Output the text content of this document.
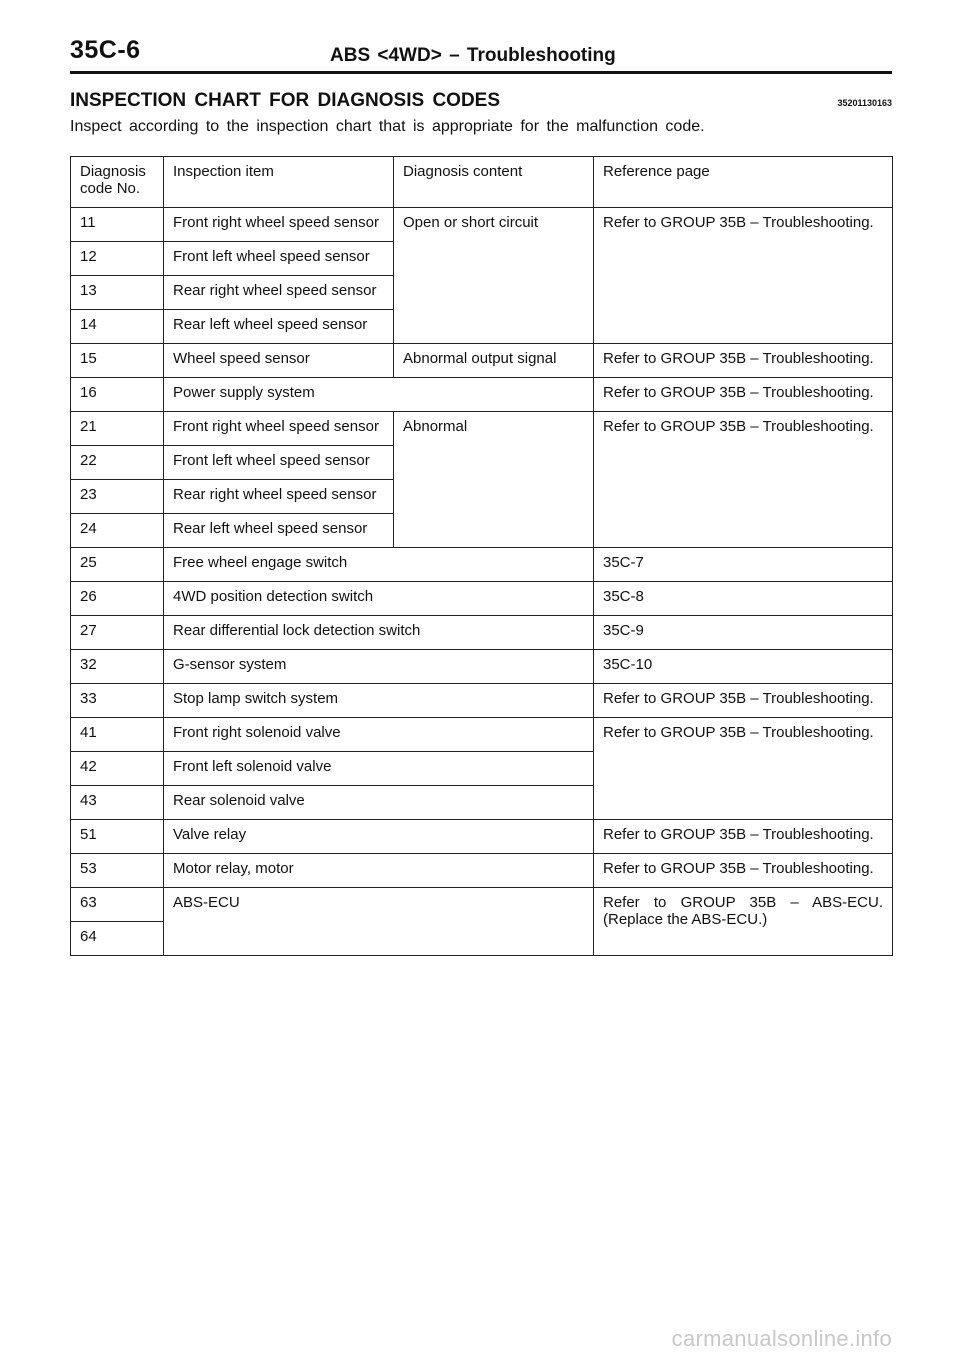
35C-6	ABS <4WD> – Troubleshooting
INSPECTION CHART FOR DIAGNOSIS CODES	35201130163
Inspect according to the inspection chart that is appropriate for the malfunction code.
Diagnosis code No.	Inspection item	Diagnosis content	Reference page
11	Front right wheel speed sensor	Open or short circuit	Refer to GROUP 35B – Troubleshooting.
12	Front left wheel speed sensor		
13	Rear right wheel speed sensor		
14	Rear left wheel speed sensor		
15	Wheel speed sensor	Abnormal output signal	Refer to GROUP 35B – Troubleshooting.
16	Power supply system		Refer to GROUP 35B – Troubleshooting.
21	Front right wheel speed sensor	Abnormal	Refer to GROUP 35B – Troubleshooting.
22	Front left wheel speed sensor		
23	Rear right wheel speed sensor		
24	Rear left wheel speed sensor		
25	Free wheel engage switch		35C-7
26	4WD position detection switch		35C-8
27	Rear differential lock detection switch		35C-9
32	G-sensor system		35C-10
33	Stop lamp switch system		Refer to GROUP 35B – Troubleshooting.
41	Front right solenoid valve		Refer to GROUP 35B – Troubleshooting.
42	Front left solenoid valve		
43	Rear solenoid valve		
51	Valve relay		Refer to GROUP 35B – Troubleshooting.
53	Motor relay, motor		Refer to GROUP 35B – Troubleshooting.
63	ABS-ECU		Refer to GROUP 35B – ABS-ECU. (Replace the ABS-ECU.)
64			
carmanualsonline.info
